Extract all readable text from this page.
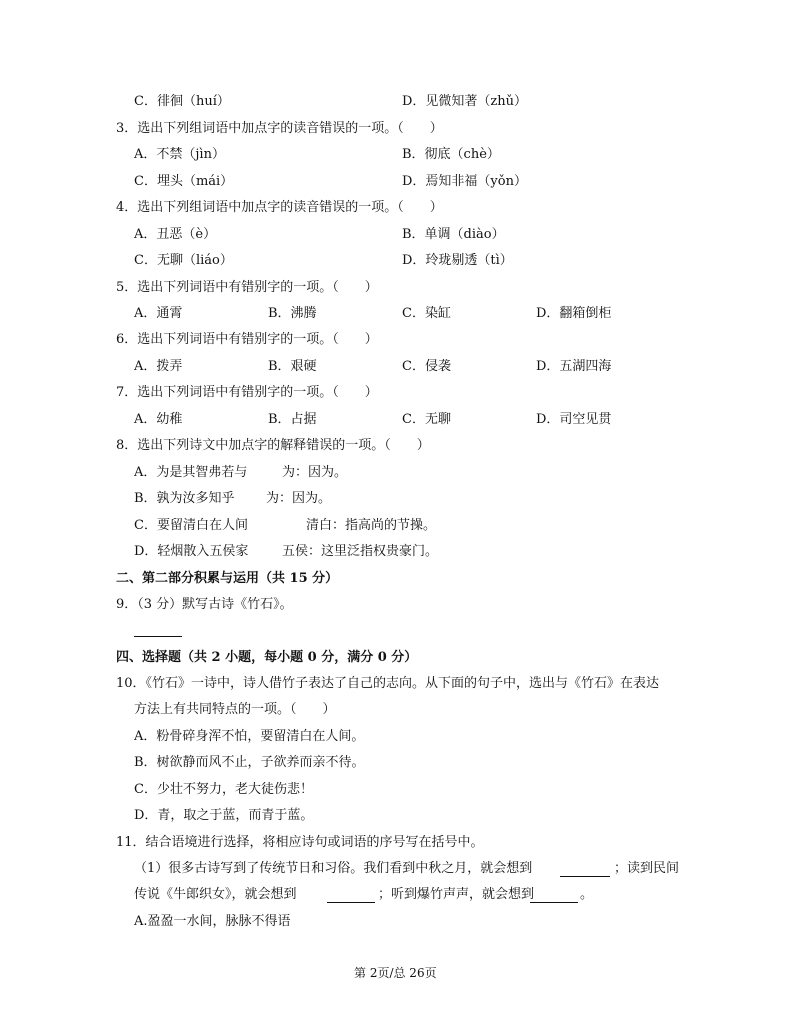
C．徘徊（huí）	D．见微知著（zhǔ）
3．选出下列组词语中加点字的读音错误的一项。（　　）
A．不禁（jìn）	B．彻底（chè）
C．埋头（mái）	D．焉知非福（yǒn）
4．选出下列组词语中加点字的读音错误的一项。（　　）
A．丑恶（è）	B．单调（diào）
C．无聊（liáo）	D．玲珑剔透（tì）
5．选出下列词语中有错别字的一项。（　　）
A．通霄	B．沸腾	C．染缸	D．翻箱倒柜
6．选出下列词语中有错别字的一项。（　　）
A．拨弄	B．艰硬	C．侵袭	D．五湖四海
7．选出下列词语中有错别字的一项。（　　）
A．幼稚	B．占据	C．无聊	D．司空见贯
8．选出下列诗文中加点字的解释错误的一项。（　　）
A．为是其智弗若与	为：因为。
B．孰为汝多知乎 为：因为。
C．要留清白在人间	清白：指高尚的节操。
D．轻烟散入五侯家	五侯：这里泛指权贵豪门。
二、第二部分积累与运用（共 15 分）
9．（3 分）默写古诗《竹石》。
四、选择题（共 2 小题，每小题 0 分，满分 0 分）
10．《竹石》一诗中，诗人借竹子表达了自己的志向。从下面的句子中，选出与《竹石》在表达
方法上有共同特点的一项。（　　）
A．粉骨碎身浑不怕，要留清白在人间。
B．树欲静而风不止，子欲养而亲不待。
C．少壮不努力，老大徒伤悲！
D．青，取之于蓝，而青于蓝。
11．结合语境进行选择，将相应诗句或词语的序号写在括号中。
（1）很多古诗写到了传统节日和习俗。我们看到中秋之月，就会想到	；读到民间
传说《牛郎织女》，就会想到	；听到爆竹声声，就会想到	。
A.盈盈一水间，脉脉不得语
第 2页/总 26页
